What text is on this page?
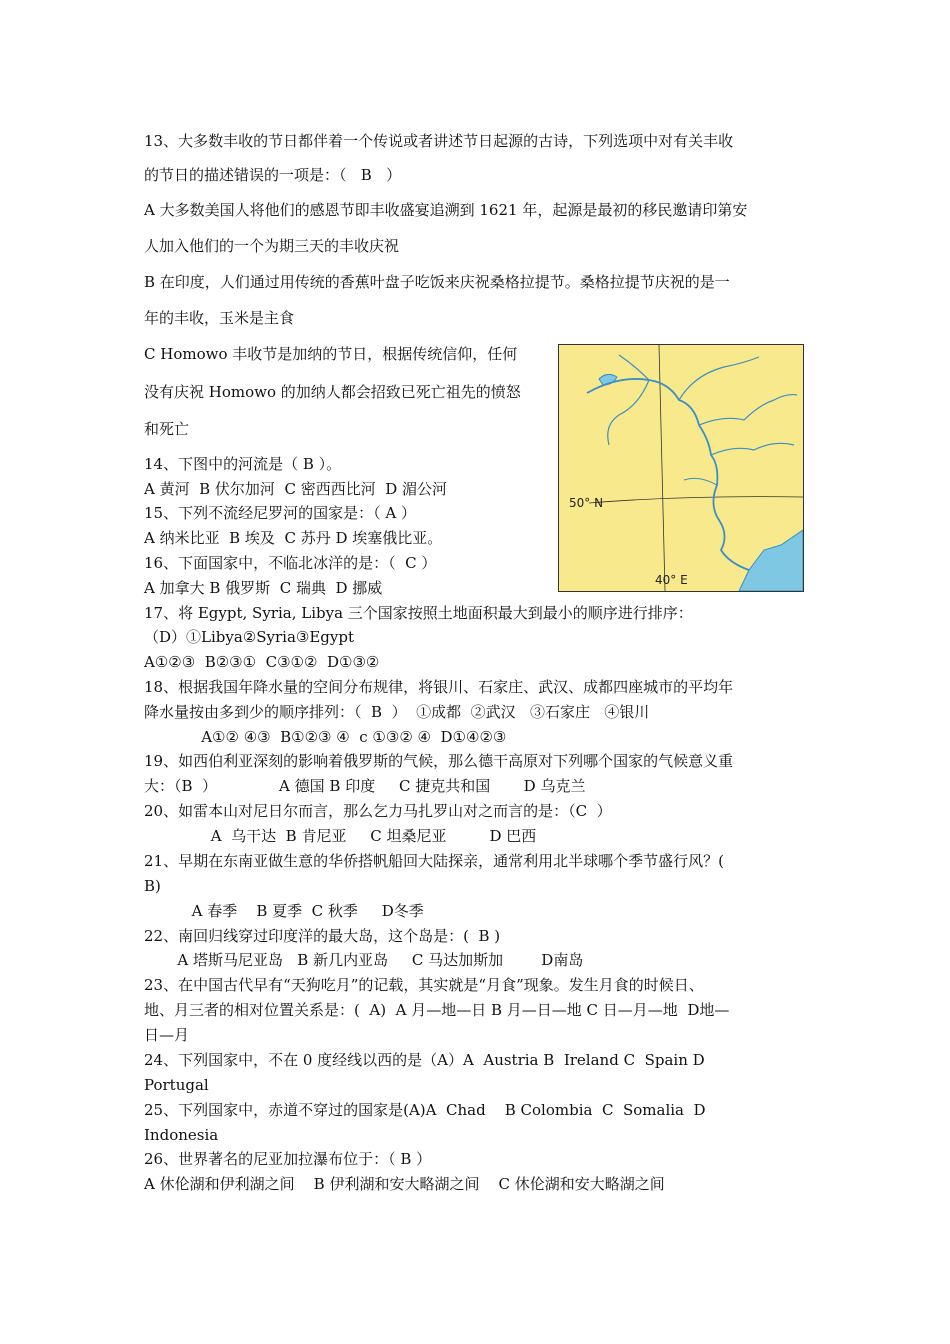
13、大多数丰收的节日都伴着一个传说或者讲述节日起源的古诗，下列选项中对有关丰收
的节日的描述错误的一项是：（   B   ）
A 大多数美国人将他们的感恩节即丰收盛宴追溯到 1621 年，起源是最初的移民邀请印第安
人加入他们的一个为期三天的丰收庆祝
B 在印度，人们通过用传统的香蕉叶盘子吃饭来庆祝桑格拉提节。桑格拉提节庆祝的是一
年的丰收，玉米是主食
C Homowo 丰收节是加纳的节日，根据传统信仰，任何
没有庆祝 Homowo 的加纳人都会招致已死亡祖先的愤怒
和死亡
14、下图中的河流是（ B ）。
A 黄河  B 伏尔加河  C 密西西比河  D 湄公河
15、下列不流经尼罗河的国家是：（ A ）
A 纳米比亚  B 埃及  C 苏丹 D 埃塞俄比亚。
16、下面国家中，不临北冰洋的是：（  C ）
A 加拿大 B 俄罗斯  C 瑞典  D 挪威
17、将 Egypt, Syria, Libya 三个国家按照土地面积最大到最小的顺序进行排序：
（D）①Libya②Syria③Egypt
A①②③  B②③①  C③①②  D①③②
18、根据我国年降水量的空间分布规律，将银川、石家庄、武汉、成都四座城市的平均年
降水量按由多到少的顺序排列：（  B  ）  ①成都  ②武汉   ③石家庄   ④银川
A①② ④③  B①②③ ④  c ①③② ④  D①④②③
19、如西伯利亚深刻的影响着俄罗斯的气候，那么德干高原对下列哪个国家的气候意义重
大：（B  ）             A 德国 B 印度     C 捷克共和国       D 乌克兰
20、如雷本山对尼日尔而言，那么乞力马扎罗山对之而言的是：（C  ）
A  乌干达  B 肯尼亚     C 坦桑尼亚         D 巴西
21、早期在东南亚做生意的华侨搭帆船回大陆探亲，通常利用北半球哪个季节盛行风？(
B)
A 春季    B 夏季  C 秋季     D冬季
22、南回归线穿过印度洋的最大岛，这个岛是：(  B )
A 塔斯马尼亚岛   B 新几内亚岛     C 马达加斯加        D南岛
23、在中国古代早有“天狗吃月”的记载，其实就是“月食”现象。发生月食的时候日、
地、月三者的相对位置关系是：(  A)  A 月—地—日 B 月—日—地 C 日—月—地  D地—
日—月
24、下列国家中，不在 0 度经线以西的是（A）A  Austria B  Ireland C  Spain D
Portugal
25、下列国家中，赤道不穿过的国家是(A)A  Chad    B Colombia  C  Somalia  D
Indonesia
26、世界著名的尼亚加拉瀑布位于：（ B ）
A 休伦湖和伊利湖之间    B 伊利湖和安大略湖之间    C 休伦湖和安大略湖之间
50° N
40° E
